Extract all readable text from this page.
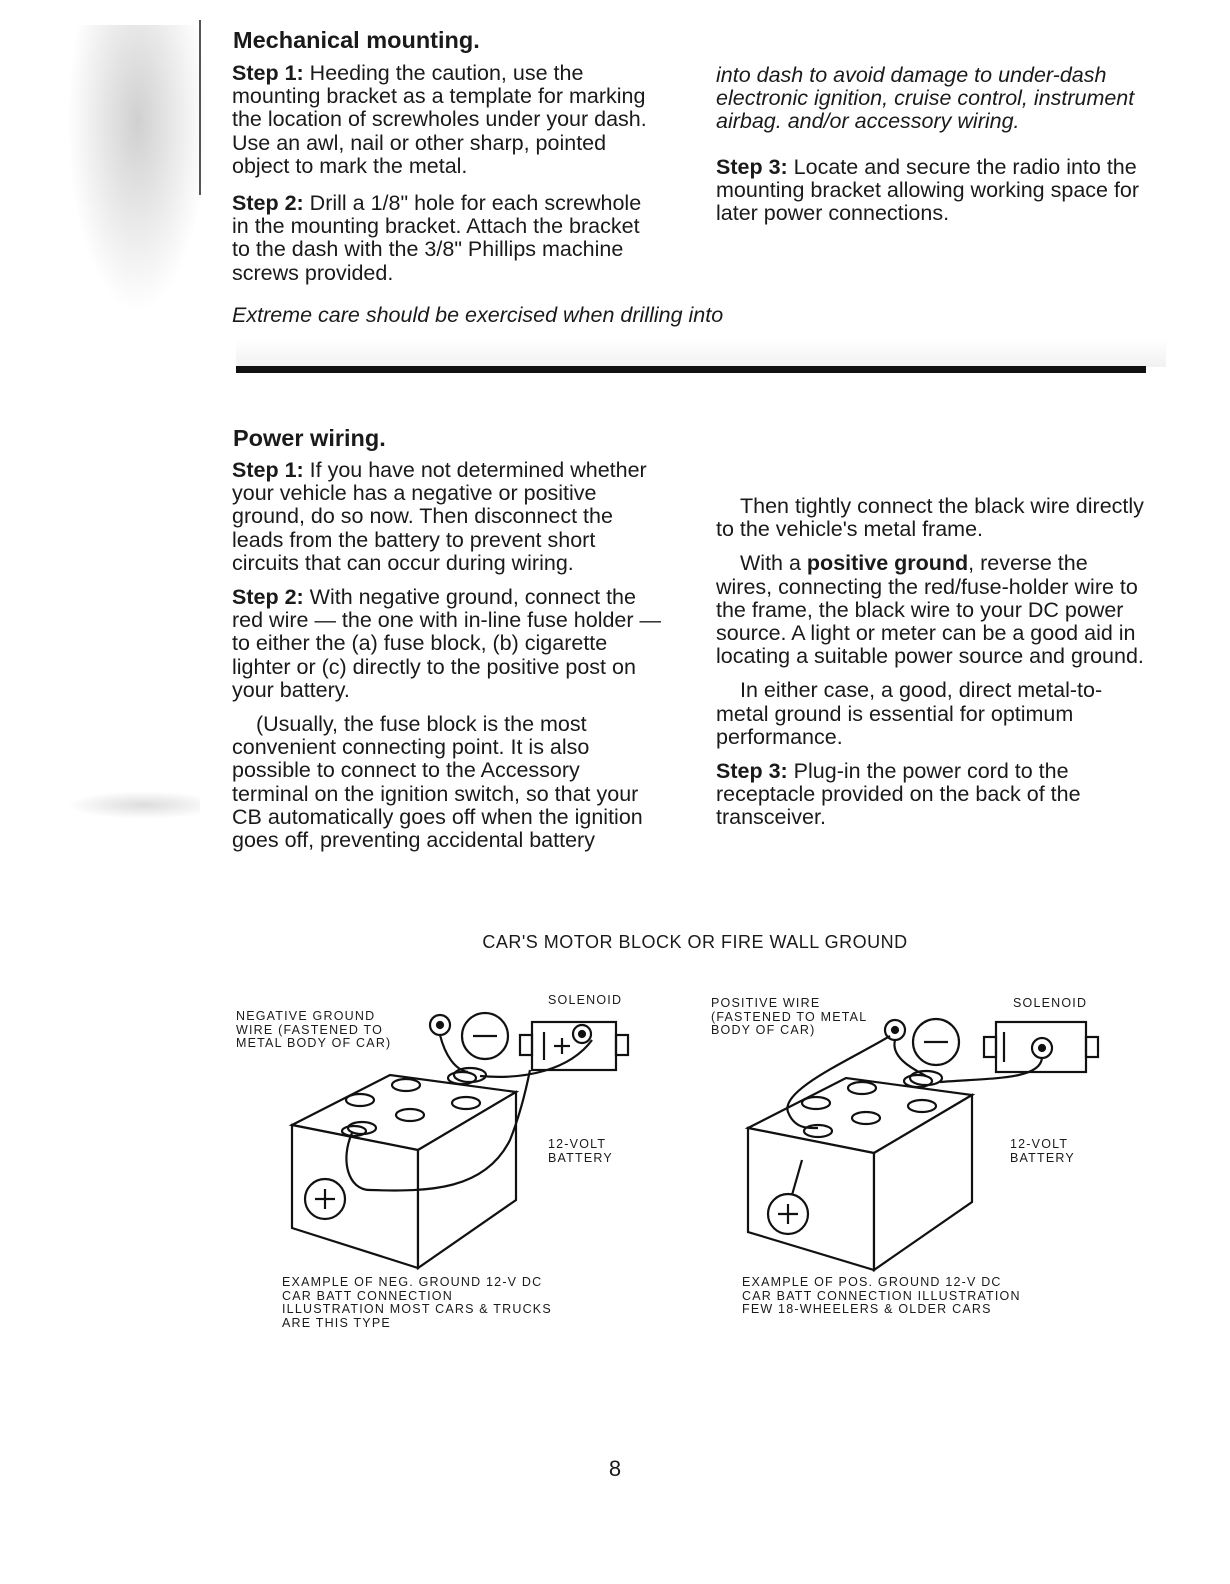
Mechanical mounting.

Step 1: Heeding the caution, use the mounting bracket as a template for marking the location of screwholes under your dash. Use an awl, nail or other sharp, pointed object to mark the metal.

Step 2: Drill a 1/8" hole for each screwhole in the mounting bracket. Attach the bracket to the dash with the 3/8" Phillips machine screws provided.

Extreme care should be exercised when drilling into
into dash to avoid damage to under-dash electronic ignition, cruise control, instrument airbag. and/or accessory wiring.

Step 3: Locate and secure the radio into the mounting bracket allowing working space for later power connections.

Power wiring.

Step 1: If you have not determined whether your vehicle has a negative or positive ground, do so now. Then disconnect the leads from the battery to prevent short circuits that can occur during wiring.

Step 2: With negative ground, connect the red wire — the one with in-line fuse holder — to either the (a) fuse block, (b) cigarette lighter or (c) directly to the positive post on your battery.

(Usually, the fuse block is the most convenient connecting point. It is also possible to connect to the Accessory terminal on the ignition switch, so that your CB automatically goes off when the ignition goes off, preventing accidental battery

Then tightly connect the black wire directly to the vehicle's metal frame.

With a positive ground, reverse the wires, connecting the red/fuse-holder wire to the frame, the black wire to your DC power source. A light or meter can be a good aid in locating a suitable power source and ground.

In either case, a good, direct metal-to-metal ground is essential for optimum performance.

Step 3: Plug-in the power cord to the receptacle provided on the back of the transceiver.

CAR'S MOTOR BLOCK OR FIRE WALL GROUND
NEGATIVE GROUND WIRE (FASTENED TO METAL BODY OF CAR)
SOLENOID
12-VOLT BATTERY
EXAMPLE OF NEG. GROUND 12-V DC CAR BATT CONNECTION ILLUSTRATION MOST CARS & TRUCKS ARE THIS TYPE
POSITIVE WIRE (FASTENED TO METAL BODY OF CAR)
SOLENOID
12-VOLT BATTERY
EXAMPLE OF POS. GROUND 12-V DC CAR BATT CONNECTION ILLUSTRATION FEW 18-WHEELERS & OLDER CARS
8
